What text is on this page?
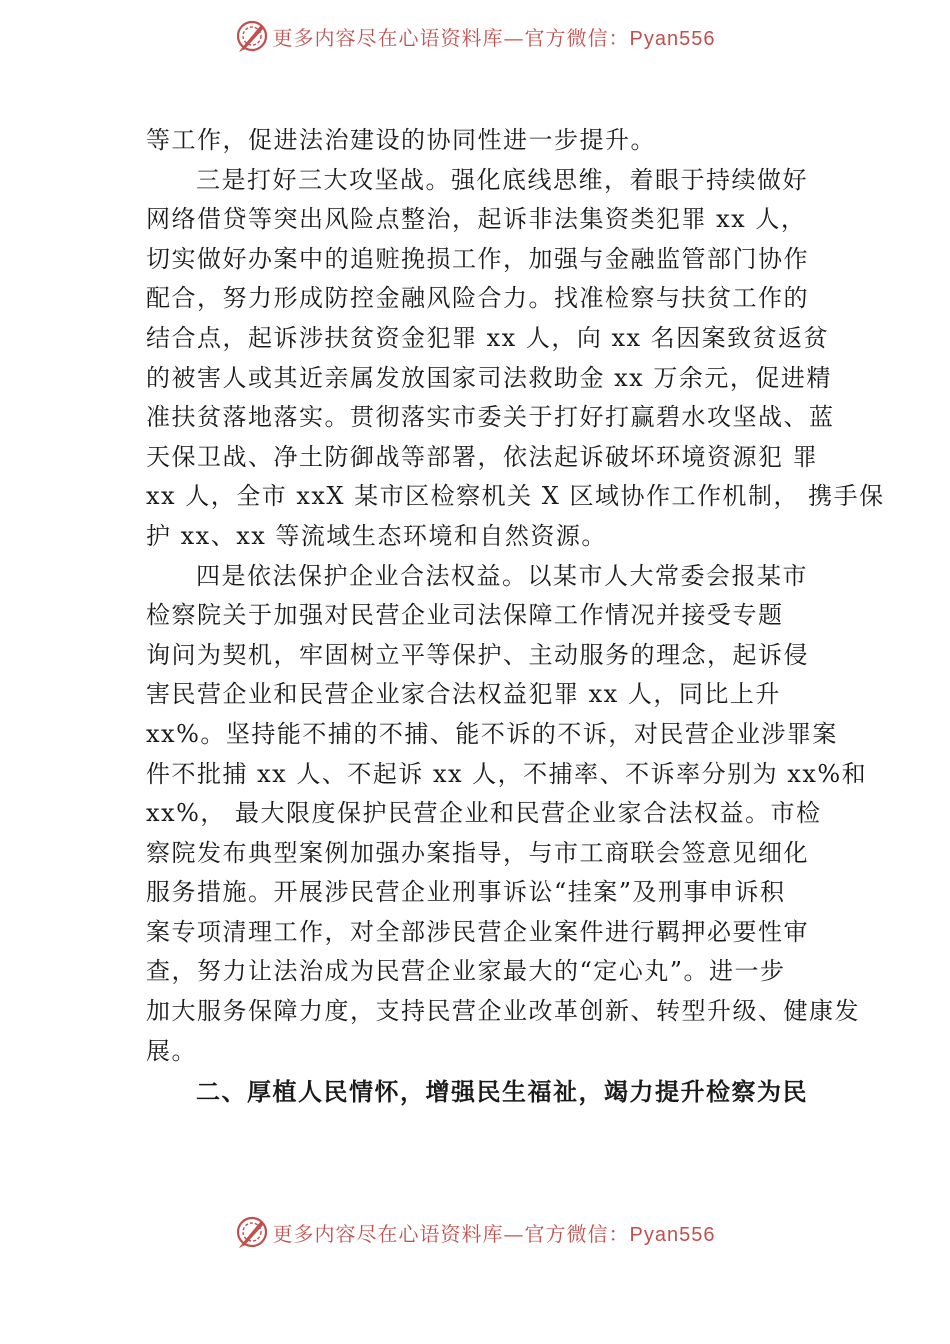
更多内容尽在心语资料库—官方微信：Pyan556
等工作，促进法治建设的协同性进一步提升。
三是打好三大攻坚战。强化底线思维，着眼于持续做好
网络借贷等突出风险点整治，起诉非法集资类犯罪 xx 人，
切实做好办案中的追赃挽损工作，加强与金融监管部门协作
配合，努力形成防控金融风险合力。找准检察与扶贫工作的
结合点，起诉涉扶贫资金犯罪 xx 人，向 xx 名因案致贫返贫
的被害人或其近亲属发放国家司法救助金 xx 万余元，促进精
准扶贫落地落实。贯彻落实市委关于打好打赢碧水攻坚战、蓝
天保卫战、净土防御战等部署，依法起诉破坏环境资源犯 罪
xx 人，全市 xxX 某市区检察机关 X 区域协作工作机制， 携手保
护 xx、xx 等流域生态环境和自然资源。
四是依法保护企业合法权益。以某市人大常委会报某市
检察院关于加强对民营企业司法保障工作情况并接受专题
询问为契机，牢固树立平等保护、主动服务的理念，起诉侵
害民营企业和民营企业家合法权益犯罪 xx 人，同比上升
xx%。坚持能不捕的不捕、能不诉的不诉，对民营企业涉罪案
件不批捕 xx 人、不起诉 xx 人，不捕率、不诉率分别为 xx%和
xx%， 最大限度保护民营企业和民营企业家合法权益。市检
察院发布典型案例加强办案指导，与市工商联会签意见细化
服务措施。开展涉民营企业刑事诉讼“挂案”及刑事申诉积
案专项清理工作，对全部涉民营企业案件进行羁押必要性审
查，努力让法治成为民营企业家最大的“定心丸”。进一步
加大服务保障力度，支持民营企业改革创新、转型升级、健康发
展。
二、厚植人民情怀，增强民生福祉，竭力提升检察为民
更多内容尽在心语资料库—官方微信：Pyan556
